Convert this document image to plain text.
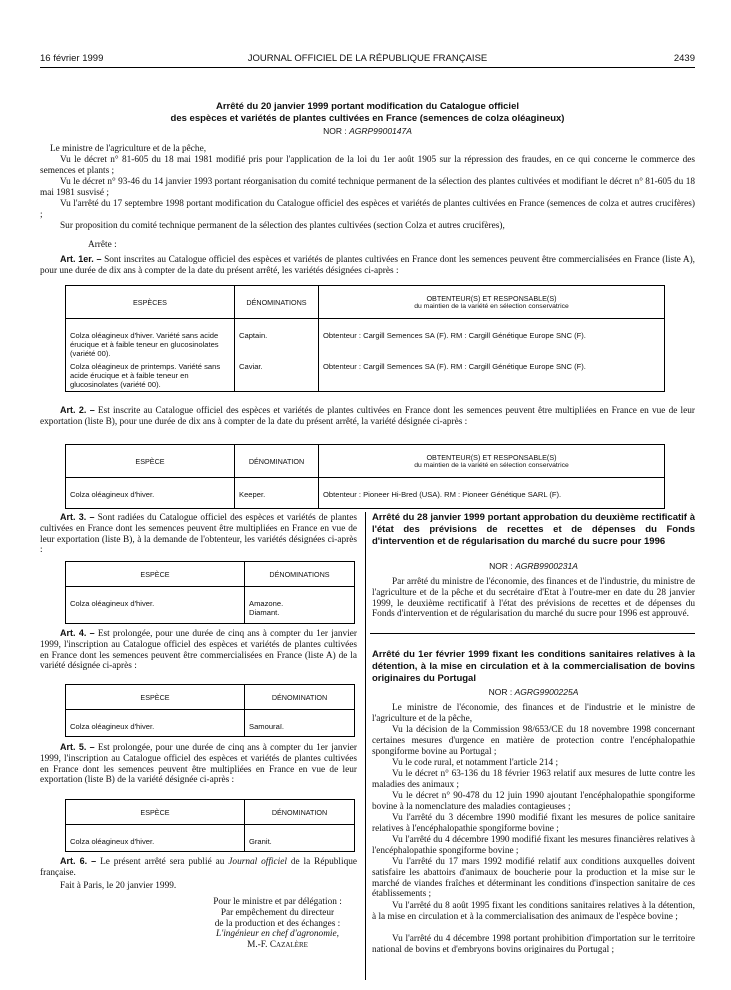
16 février 1999	JOURNAL OFFICIEL DE LA RÉPUBLIQUE FRANÇAISE	2439
Arrêté du 20 janvier 1999 portant modification du Catalogue officiel
des espèces et variétés de plantes cultivées en France (semences de colza oléagineux)
NOR : AGRP9900147A

Le ministre de l'agriculture et de la pêche,

Vu le décret n° 81-605 du 18 mai 1981 modifié pris pour l'application de la loi du 1er août 1905 sur la répression des fraudes, en ce qui concerne le commerce des semences et plants ;

Vu le décret n° 93-46 du 14 janvier 1993 portant réorganisation du comité technique permanent de la sélection des plantes cultivées et modifiant le décret n° 81-605 du 18 mai 1981 susvisé ;

Vu l'arrêté du 17 septembre 1998 portant modification du Catalogue officiel des espèces et variétés de plantes cultivées en France (semences de colza et autres crucifères) ;

Sur proposition du comité technique permanent de la sélection des plantes cultivées (section Colza et autres crucifères),

Arrête :

Art. 1er. – Sont inscrites au Catalogue officiel des espèces et variétés de plantes cultivées en France dont les semences peuvent être commercialisées en France (liste A), pour une durée de dix ans à compter de la date du présent arrêté, les variétés désignées ci-après :

ESPÈCES	DÉNOMINATIONS	OBTENTEUR(S) ET RESPONSABLE(S)
du maintien de la variété en sélection conservatrice

Colza oléagineux d'hiver. Variété sans acide érucique et à faible teneur en glucosinolates (variété 00).	Captain.	Obtenteur : Cargill Semences SA (F). RM : Cargill Génétique Europe SNC (F).
Colza oléagineux de printemps. Variété sans acide érucique et à faible teneur en glucosinolates (variété 00).	Caviar.	Obtenteur : Cargill Semences SA (F). RM : Cargill Génétique Europe SNC (F).

Art. 2. – Est inscrite au Catalogue officiel des espèces et variétés de plantes cultivées en France dont les semences peuvent être multipliées en France en vue de leur exportation (liste B), pour une durée de dix ans à compter de la date du présent arrêté, la variété désignée ci-après :

ESPÈCE	DÉNOMINATION	OBTENTEUR(S) ET RESPONSABLE(S)
du maintien de la variété en sélection conservatrice

Colza oléagineux d'hiver.	Keeper.	Obtenteur : Pioneer Hi-Bred (USA). RM : Pioneer Génétique SARL (F).

Art. 3. – Sont radiées du Catalogue officiel des espèces et variétés de plantes cultivées en France dont les semences peuvent être multipliées en France en vue de leur exportation (liste B), à la demande de l'obtenteur, les variétés désignées ci-après :

ESPÈCE	DÉNOMINATIONS

Colza oléagineux d'hiver.	Amazone.
Diamant.

Art. 4. – Est prolongée, pour une durée de cinq ans à compter du 1er janvier 1999, l'inscription au Catalogue officiel des espèces et variétés de plantes cultivées en France dont les semences peuvent être commercialisées en France (liste A) de la variété désignée ci-après :

ESPÈCE	DÉNOMINATION

Colza oléagineux d'hiver.	Samouraï.

Art. 5. – Est prolongée, pour une durée de cinq ans à compter du 1er janvier 1999, l'inscription au Catalogue officiel des espèces et variétés de plantes cultivées en France dont les semences peuvent être multipliées en France en vue de leur exportation (liste B) de la variété désignée ci-après :

ESPÈCE	DÉNOMINATION

Colza oléagineux d'hiver.	Granit.

Art. 6. – Le présent arrêté sera publié au Journal officiel de la République française.

Fait à Paris, le 20 janvier 1999.

Pour le ministre et par délégation :
Par empêchement du directeur
de la production et des échanges :
L'ingénieur en chef d'agronomie,
M.-F. Cazalère
Arrêté du 28 janvier 1999 portant approbation du deuxième rectificatif à l'état des prévisions de recettes et de dépenses du Fonds d'intervention et de régularisation du marché du sucre pour 1996
NOR : AGRB9900231A

Par arrêté du ministre de l'économie, des finances et de l'industrie, du ministre de l'agriculture et de la pêche et du secrétaire d'Etat à l'outre-mer en date du 28 janvier 1999, le deuxième rectificatif à l'état des prévisions de recettes et de dépenses du Fonds d'intervention et de régularisation du marché du sucre pour 1996 est approuvé.

Arrêté du 1er février 1999 fixant les conditions sanitaires relatives à la détention, à la mise en circulation et à la commercialisation de bovins originaires du Portugal
NOR : AGRG9900225A

Le ministre de l'économie, des finances et de l'industrie et le ministre de l'agriculture et de la pêche,

Vu la décision de la Commission 98/653/CE du 18 novembre 1998 concernant certaines mesures d'urgence en matière de protection contre l'encéphalopathie spongiforme bovine au Portugal ;

Vu le code rural, et notamment l'article 214 ;

Vu le décret n° 63-136 du 18 février 1963 relatif aux mesures de lutte contre les maladies des animaux ;

Vu le décret n° 90-478 du 12 juin 1990 ajoutant l'encéphalopathie spongiforme bovine à la nomenclature des maladies contagieuses ;

Vu l'arrêté du 3 décembre 1990 modifié fixant les mesures de police sanitaire relatives à l'encéphalopathie spongiforme bovine ;

Vu l'arrêté du 4 décembre 1990 modifié fixant les mesures financières relatives à l'encéphalopathie spongiforme bovine ;

Vu l'arrêté du 17 mars 1992 modifié relatif aux conditions auxquelles doivent satisfaire les abattoirs d'animaux de boucherie pour la production et la mise sur le marché de viandes fraîches et déterminant les conditions d'inspection sanitaire de ces établissements ;

Vu l'arrêté du 8 août 1995 fixant les conditions sanitaires relatives à la détention, à la mise en circulation et à la commercialisation des animaux de l'espèce bovine ;

Vu l'arrêté du 4 décembre 1998 portant prohibition d'importation sur le territoire national de bovins et d'embryons bovins originaires du Portugal ;
